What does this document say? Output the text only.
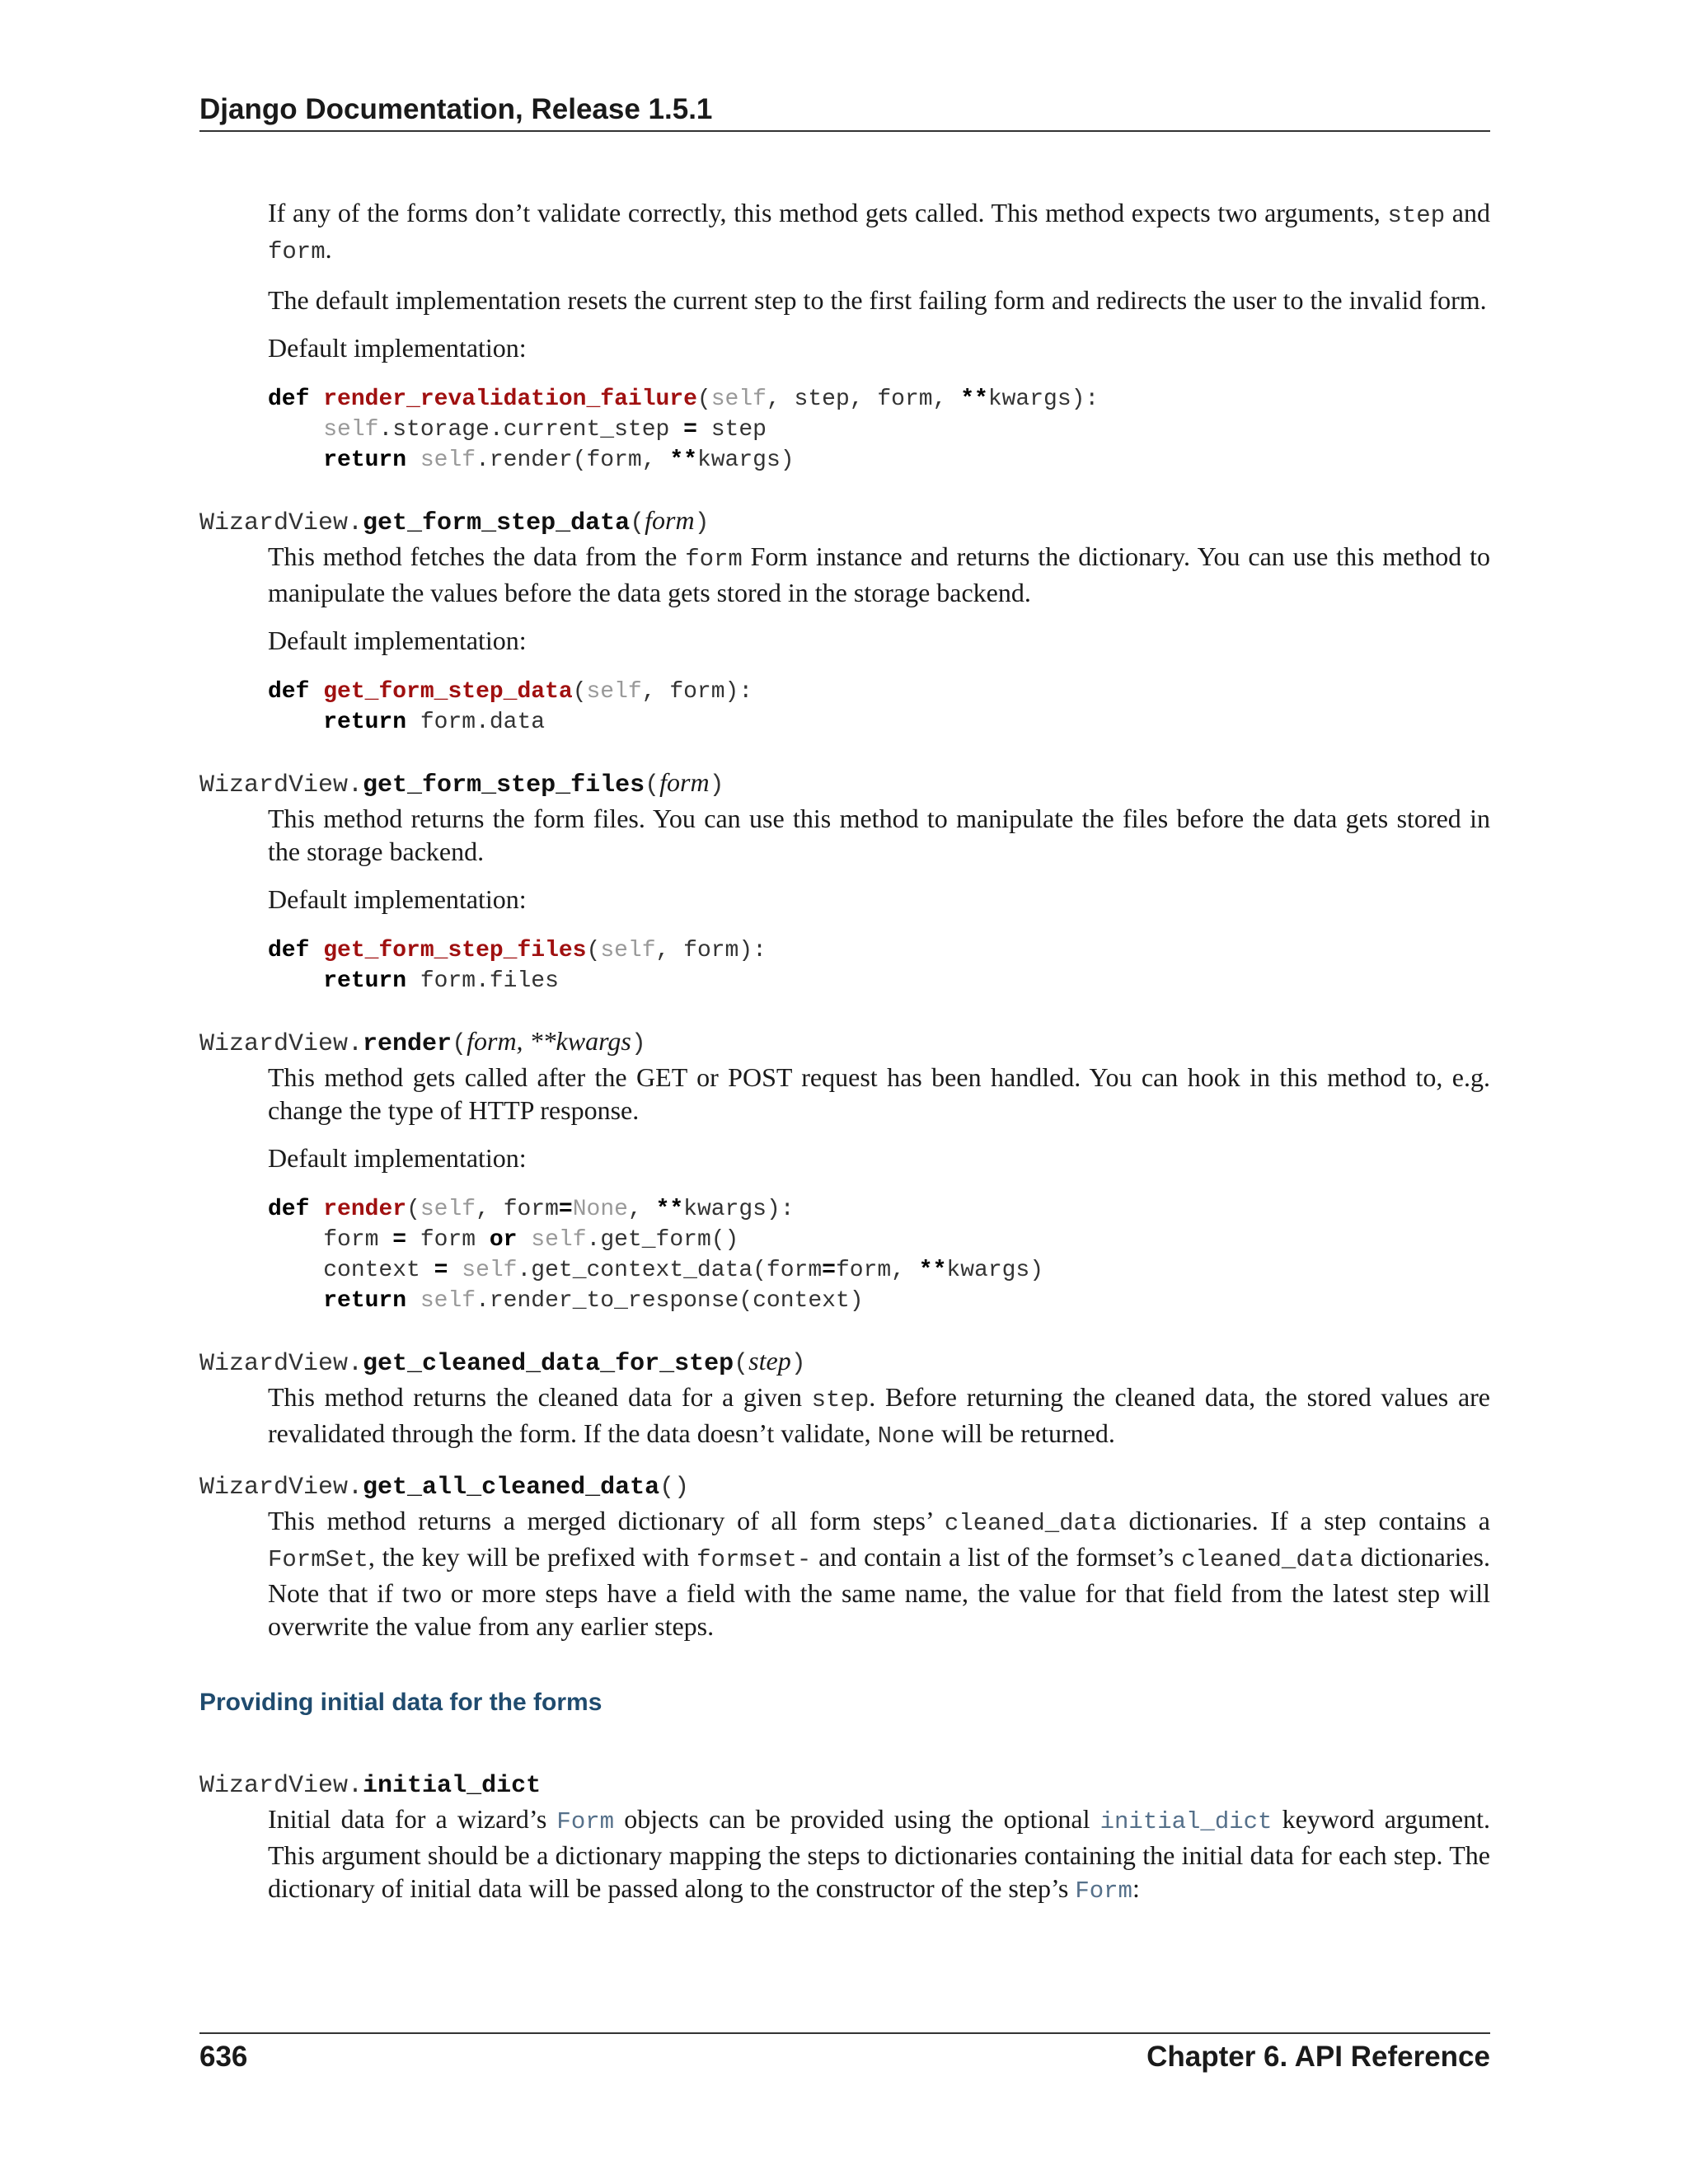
Django Documentation, Release 1.5.1

If any of the forms don’t validate correctly, this method gets called. This method expects two arguments, step and form.

The default implementation resets the current step to the first failing form and redirects the user to the invalid form.

Default implementation:

def render_revalidation_failure(self, step, form, **kwargs):
self.storage.current_step = step
return self.render(form, **kwargs)
WizardView.get_form_step_data(form)

This method fetches the data from the form Form instance and returns the dictionary. You can use this method to manipulate the values before the data gets stored in the storage backend.

Default implementation:

def get_form_step_data(self, form):
return form.data
WizardView.get_form_step_files(form)

This method returns the form files. You can use this method to manipulate the files before the data gets stored in the storage backend.

Default implementation:

def get_form_step_files(self, form):
return form.files
WizardView.render(form, **kwargs)

This method gets called after the GET or POST request has been handled. You can hook in this method to, e.g. change the type of HTTP response.

Default implementation:

def render(self, form=None, **kwargs):
form = form or self.get_form()
context = self.get_context_data(form=form, **kwargs)
return self.render_to_response(context)
WizardView.get_cleaned_data_for_step(step)

This method returns the cleaned data for a given step. Before returning the cleaned data, the stored values are revalidated through the form. If the data doesn’t validate, None will be returned.

WizardView.get_all_cleaned_data()

This method returns a merged dictionary of all form steps’ cleaned_data dictionaries. If a step contains a FormSet, the key will be prefixed with formset- and contain a list of the formset’s cleaned_data dictionaries. Note that if two or more steps have a field with the same name, the value for that field from the latest step will overwrite the value from any earlier steps.

Providing initial data for the forms
WizardView.initial_dict

Initial data for a wizard’s Form objects can be provided using the optional initial_dict keyword argument. This argument should be a dictionary mapping the steps to dictionaries containing the initial data for each step. The dictionary of initial data will be passed along to the constructor of the step’s Form:

636	Chapter 6. API Reference
